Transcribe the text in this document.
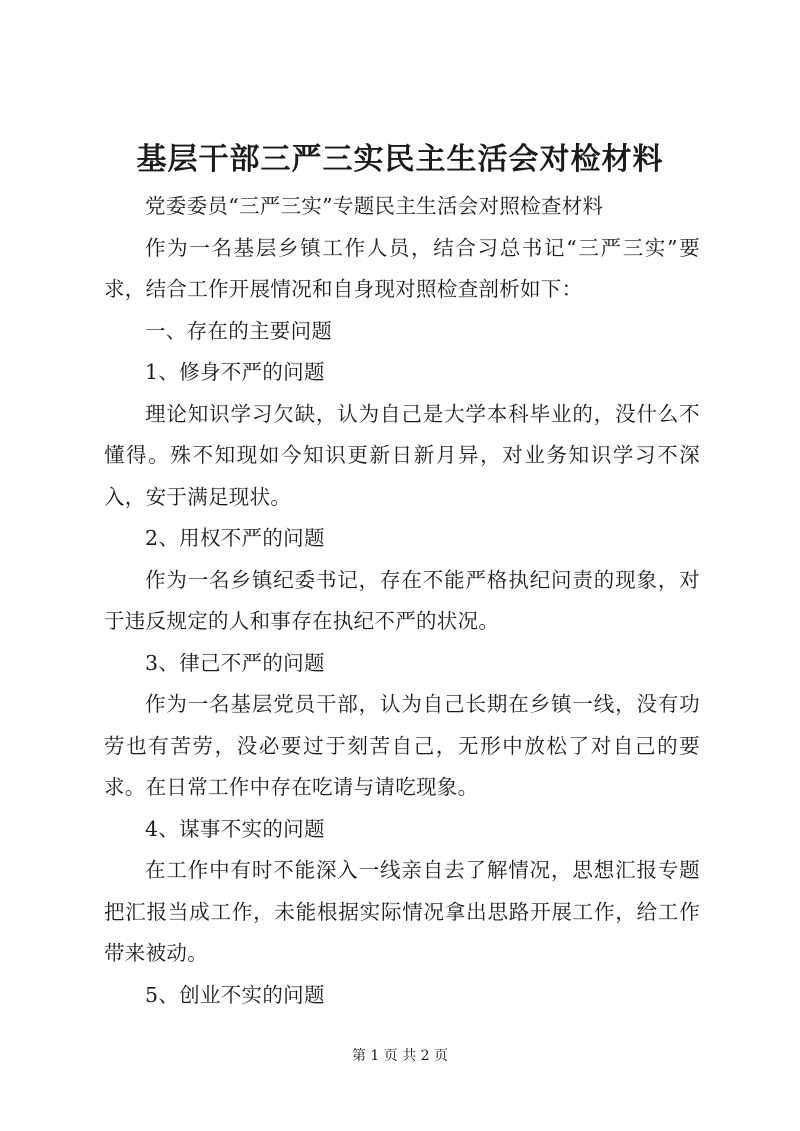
基层干部三严三实民主生活会对检材料

党委委员“三严三实”专题民主生活会对照检查材料

作为一名基层乡镇工作人员，结合习总书记“三严三实”要求，结合工作开展情况和自身现对照检查剖析如下：

一、存在的主要问题

1、修身不严的问题

理论知识学习欠缺，认为自己是大学本科毕业的，没什么不懂得。殊不知现如今知识更新日新月异，对业务知识学习不深入，安于满足现状。

2、用权不严的问题

作为一名乡镇纪委书记，存在不能严格执纪问责的现象，对于违反规定的人和事存在执纪不严的状况。

3、律己不严的问题

作为一名基层党员干部，认为自己长期在乡镇一线，没有功劳也有苦劳，没必要过于刻苦自己，无形中放松了对自己的要求。在日常工作中存在吃请与请吃现象。

4、谋事不实的问题

在工作中有时不能深入一线亲自去了解情况，思想汇报专题把汇报当成工作，未能根据实际情况拿出思路开展工作，给工作带来被动。

5、创业不实的问题

第 1 页 共 2 页
